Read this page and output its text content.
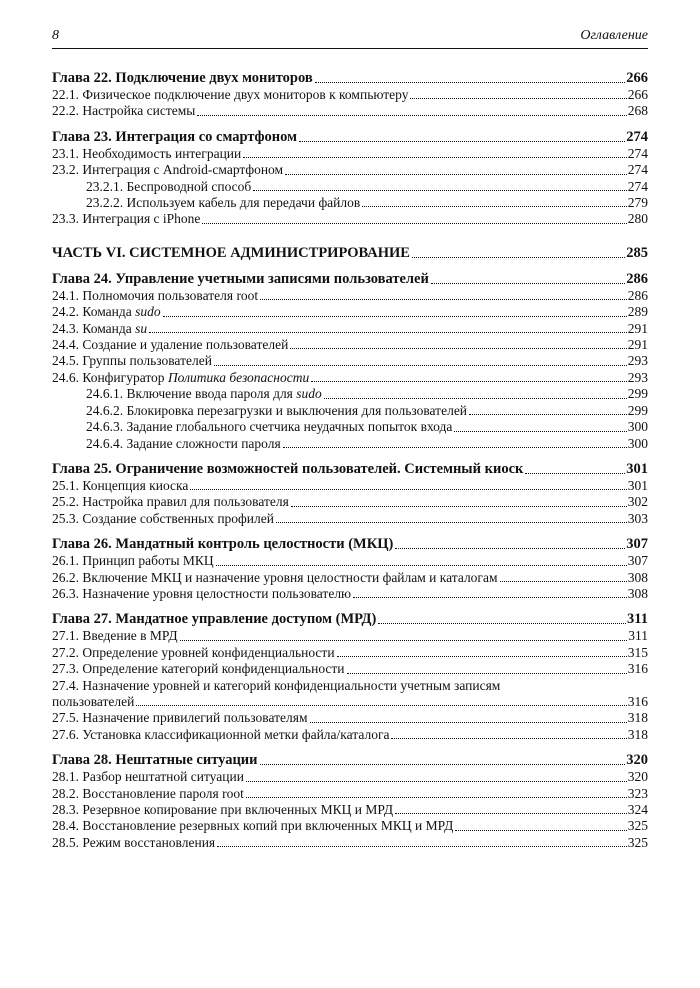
8	Оглавление
Глава 22. Подключение двух мониторов	266
22.1. Физическое подключение двух мониторов к компьютеру	266
22.2. Настройка системы	268
Глава 23. Интеграция со смартфоном	274
23.1. Необходимость интеграции	274
23.2. Интеграция с Android-смартфоном	274
23.2.1. Беспроводной способ	274
23.2.2. Используем кабель для передачи файлов	279
23.3. Интеграция с iPhone	280
ЧАСТЬ VI. СИСТЕМНОЕ АДМИНИСТРИРОВАНИЕ	285
Глава 24. Управление учетными записями пользователей	286
24.1. Полномочия пользователя root	286
24.2. Команда sudo	289
24.3. Команда su	291
24.4. Создание и удаление пользователей	291
24.5. Группы пользователей	293
24.6. Конфигуратор Политика безопасности	293
24.6.1. Включение ввода пароля для sudo	299
24.6.2. Блокировка перезагрузки и выключения для пользователей	299
24.6.3. Задание глобального счетчика неудачных попыток входа	300
24.6.4. Задание сложности пароля	300
Глава 25. Ограничение возможностей пользователей. Системный киоск	301
25.1. Концепция киоска	301
25.2. Настройка правил для пользователя	302
25.3. Создание собственных профилей	303
Глава 26. Мандатный контроль целостности (МКЦ)	307
26.1. Принцип работы МКЦ	307
26.2. Включение МКЦ и назначение уровня целостности файлам и каталогам	308
26.3. Назначение уровня целостности пользователю	308
Глава 27. Мандатное управление доступом (МРД)	311
27.1. Введение в МРД	311
27.2. Определение уровней конфиденциальности	315
27.3. Определение категорий конфиденциальности	316
27.4. Назначение уровней и категорий конфиденциальности учетным записям
пользователей	316
27.5. Назначение привилегий пользователям	318
27.6. Установка классификационной метки файла/каталога	318
Глава 28. Нештатные ситуации	320
28.1. Разбор нештатной ситуации	320
28.2. Восстановление пароля root	323
28.3. Резервное копирование при включенных МКЦ и МРД	324
28.4. Восстановление резервных копий при включенных МКЦ и МРД	325
28.5. Режим восстановления	325
